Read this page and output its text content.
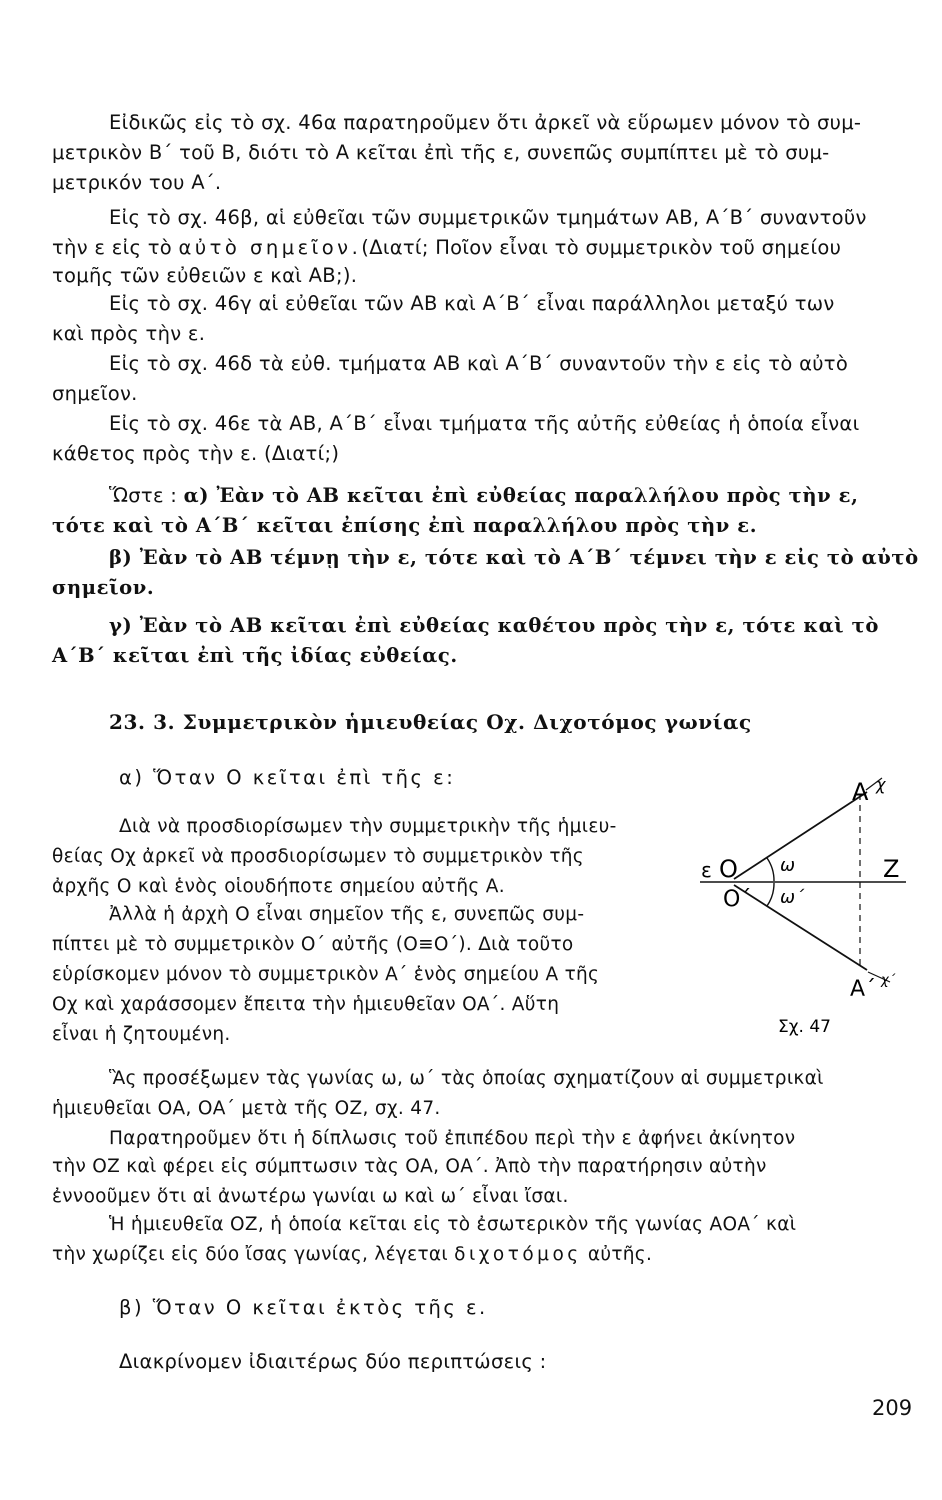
Εἰδικῶς εἰς τὸ σχ. 46α παρατηροῦμεν ὅτι ἀρκεῖ νὰ εὕρωμεν μόνον τὸ συμ-
μετρικὸν Β΄ τοῦ Β, διότι τὸ Α κεῖται ἐπὶ τῆς ε, συνεπῶς συμπίπτει μὲ τὸ συμ-
μετρικόν του Α΄.
Εἰς τὸ σχ. 46β, αἱ εὐθεῖαι τῶν συμμετρικῶν τμημάτων ΑΒ, Α΄Β΄ συναντοῦν
τὴν ε εἰς τὸ αὐτὸ σημεῖον.(Διατί; Ποῖον εἶναι τὸ συμμετρικὸν τοῦ σημείου
τομῆς τῶν εὐθειῶν ε καὶ ΑΒ;).
Εἰς τὸ σχ. 46γ αἱ εὐθεῖαι τῶν ΑΒ καὶ Α΄Β΄ εἶναι παράλληλοι μεταξύ των
καὶ πρὸς τὴν ε.
Εἰς τὸ σχ. 46δ τὰ εὐθ. τμήματα ΑΒ καὶ Α΄Β΄ συναντοῦν τὴν ε εἰς τὸ αὐτὸ
σημεῖον.
Εἰς τὸ σχ. 46ε τὰ ΑΒ, Α΄Β΄ εἶναι τμήματα τῆς αὐτῆς εὐθείας ἡ ὁποία εἶναι
κάθετος πρὸς τὴν ε. (Διατί;)
Ὥστε : α) Ἐὰν τὸ ΑΒ κεῖται ἐπὶ εὐθείας παραλλήλου πρὸς τὴν ε,
τότε καὶ τὸ Α΄Β΄ κεῖται ἐπίσης ἐπὶ παραλλήλου πρὸς τὴν ε.
β) Ἐὰν τὸ ΑΒ τέμνῃ τὴν ε, τότε καὶ τὸ Α΄Β΄ τέμνει τὴν ε εἰς τὸ αὐτὸ
σημεῖον.
γ) Ἐὰν τὸ ΑΒ κεῖται ἐπὶ εὐθείας καθέτου πρὸς τὴν ε, τότε καὶ τὸ
Α΄Β΄ κεῖται ἐπὶ τῆς ἰδίας εὐθείας.
23. 3. Συμμετρικὸν ἡμιευθείας Οχ. Διχοτόμος γωνίας
α) Ὅταν Ο κεῖται ἐπὶ τῆς ε:
Διὰ νὰ προσδιορίσωμεν τὴν συμμετρικὴν τῆς ἡμιευ-
θείας Οχ ἀρκεῖ νὰ προσδιορίσωμεν τὸ συμμετρικὸν τῆς
ἀρχῆς Ο καὶ ἑνὸς οἱουδήποτε σημείου αὐτῆς Α.
Ἀλλὰ ἡ ἀρχὴ Ο εἶναι σημεῖον τῆς ε, συνεπῶς συμ-
πίπτει μὲ τὸ συμμετρικὸν Ο΄ αὐτῆς (Ο≡Ο΄). Διὰ τοῦτο
εὑρίσκομεν μόνον τὸ συμμετρικὸν Α΄ ἑνὸς σημείου Α τῆς
Οχ καὶ χαράσσομεν ἔπειτα τὴν ἡμιευθεῖαν ΟΑ΄. Αὕτη
εἶναι ἡ ζητουμένη.
Α χ
ε Ο
Ο΄
ω
ω΄
Ζ
Α΄ χ΄
Σχ. 47
Ἃς προσέξωμεν τὰς γωνίας ω, ω΄ τὰς ὁποίας σχηματίζουν αἱ συμμετρικαὶ
ἡμιευθεῖαι ΟΑ, ΟΑ΄ μετὰ τῆς ΟΖ, σχ. 47.
Παρατηροῦμεν ὅτι ἡ δίπλωσις τοῦ ἐπιπέδου περὶ τὴν ε ἀφήνει ἀκίνητον
τὴν ΟΖ καὶ φέρει εἰς σύμπτωσιν τὰς ΟΑ, ΟΑ΄. Ἀπὸ τὴν παρατήρησιν αὐτὴν
ἐννοοῦμεν ὅτι αἱ ἀνωτέρω γωνίαι ω καὶ ω΄ εἶναι ἴσαι.
Ἡ ἡμιευθεῖα ΟΖ, ἡ ὁποία κεῖται εἰς τὸ ἐσωτερικὸν τῆς γωνίας ΑΟΑ΄ καὶ
τὴν χωρίζει εἰς δύο ἴσας γωνίας, λέγεται διχοτόμος αὐτῆς.
β) Ὅταν Ο κεῖται ἐκτὸς τῆς ε.
Διακρίνομεν ἰδιαιτέρως δύο περιπτώσεις :
209
